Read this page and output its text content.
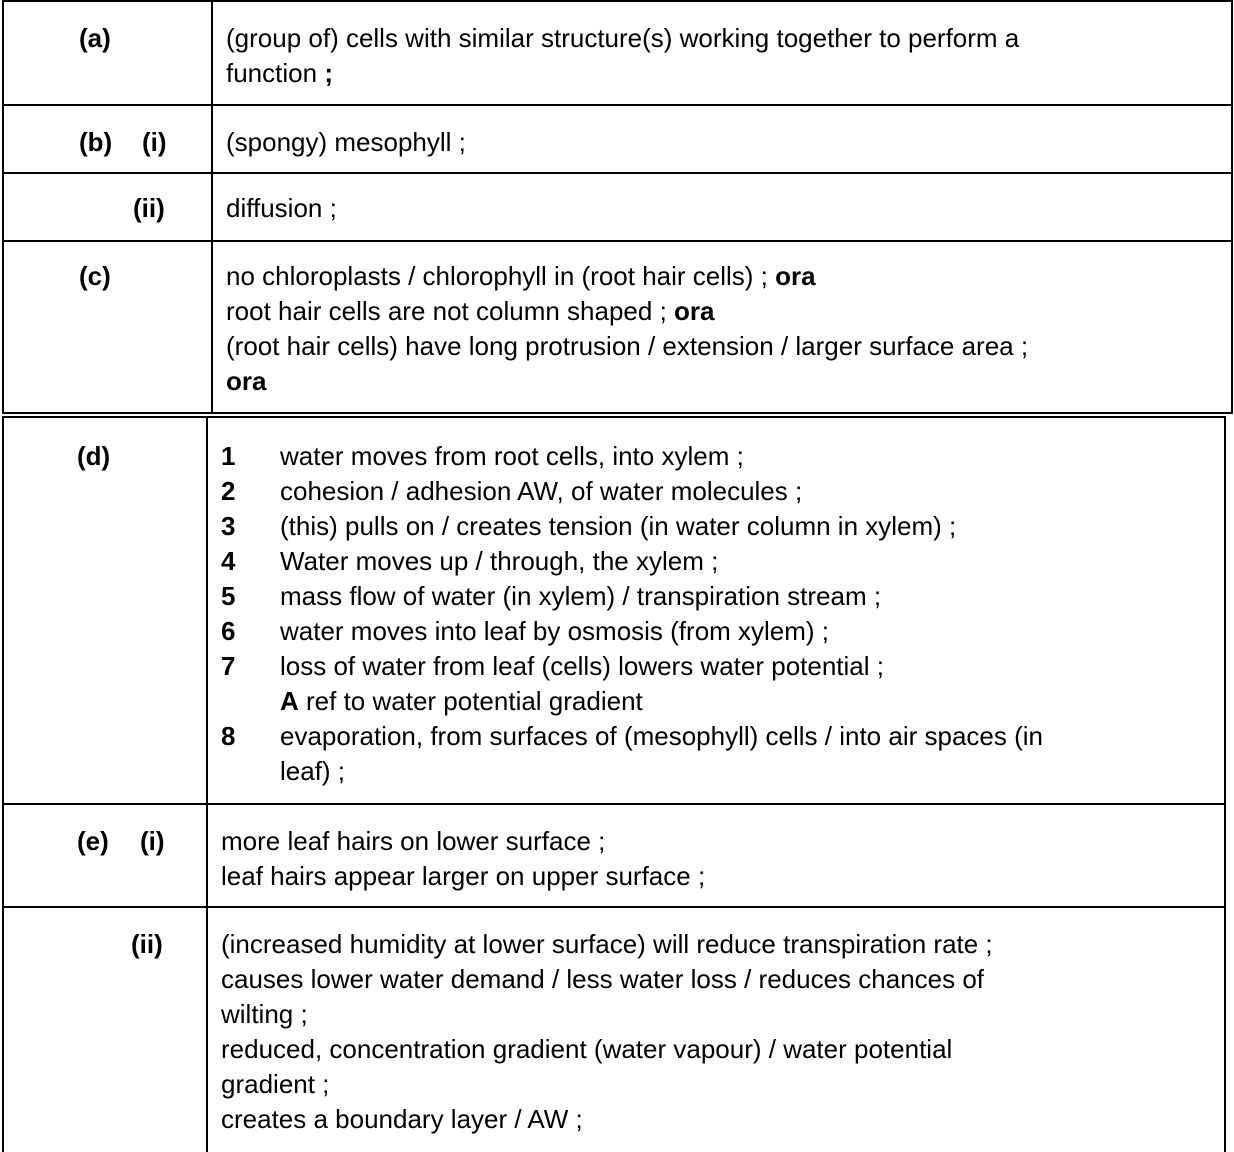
(a)	(group of) cells with similar structure(s) working together to perform a
function ;
(b) (i) (spongy) mesophyll ;
(ii) diffusion ;
(c)	no chloroplasts / chlorophyll in (root hair cells) ; ora
root hair cells are not column shaped ; ora
(root hair cells) have long protrusion / extension / larger surface area ;
ora
(d)	1	water moves from root cells, into xylem ;
2	cohesion / adhesion AW, of water molecules ;
3	(this) pulls on / creates tension (in water column in xylem) ;
4	Water moves up / through, the xylem ;
5	mass flow of water (in xylem) / transpiration stream ;
6	water moves into leaf by osmosis (from xylem) ;
7	loss of water from leaf (cells) lowers water potential ;
A ref to water potential gradient
8	evaporation, from surfaces of (mesophyll) cells / into air spaces (in
leaf) ;
(e) (i) more leaf hairs on lower surface ;
leaf hairs appear larger on upper surface ;
(ii) (increased humidity at lower surface) will reduce transpiration rate ;
causes lower water demand / less water loss / reduces chances of
wilting ;
reduced, concentration gradient (water vapour) / water potential
gradient ;
creates a boundary layer / AW ;
